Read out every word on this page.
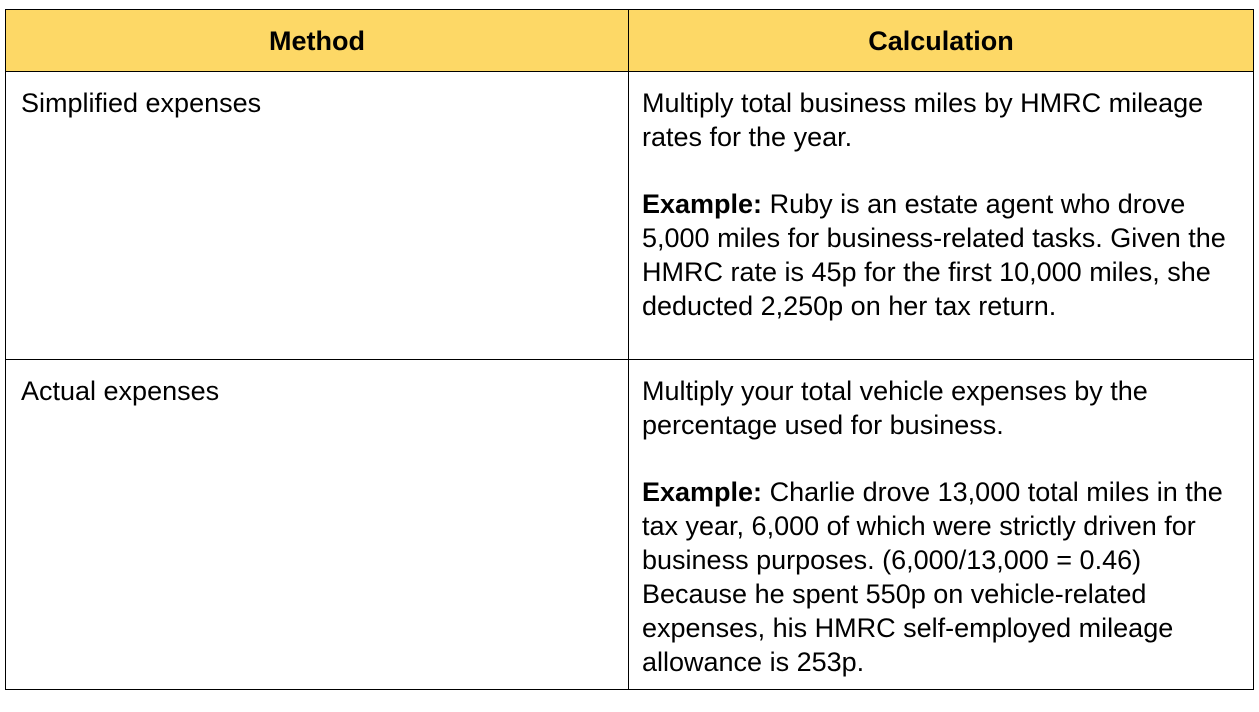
Method	Calculation
Simplified expenses	Multiply total business miles by HMRC mileage rates for the year.

Example: Ruby is an estate agent who drove 5,000 miles for business-related tasks. Given the HMRC rate is 45p for the first 10,000 miles, she deducted 2,250p on her tax return.

Actual expenses	Multiply your total vehicle expenses by the percentage used for business.

Example: Charlie drove 13,000 total miles in the tax year, 6,000 of which were strictly driven for business purposes. (6,000/13,000 = 0.46) Because he spent 550p on vehicle-related expenses, his HMRC self-employed mileage allowance is 253p.
